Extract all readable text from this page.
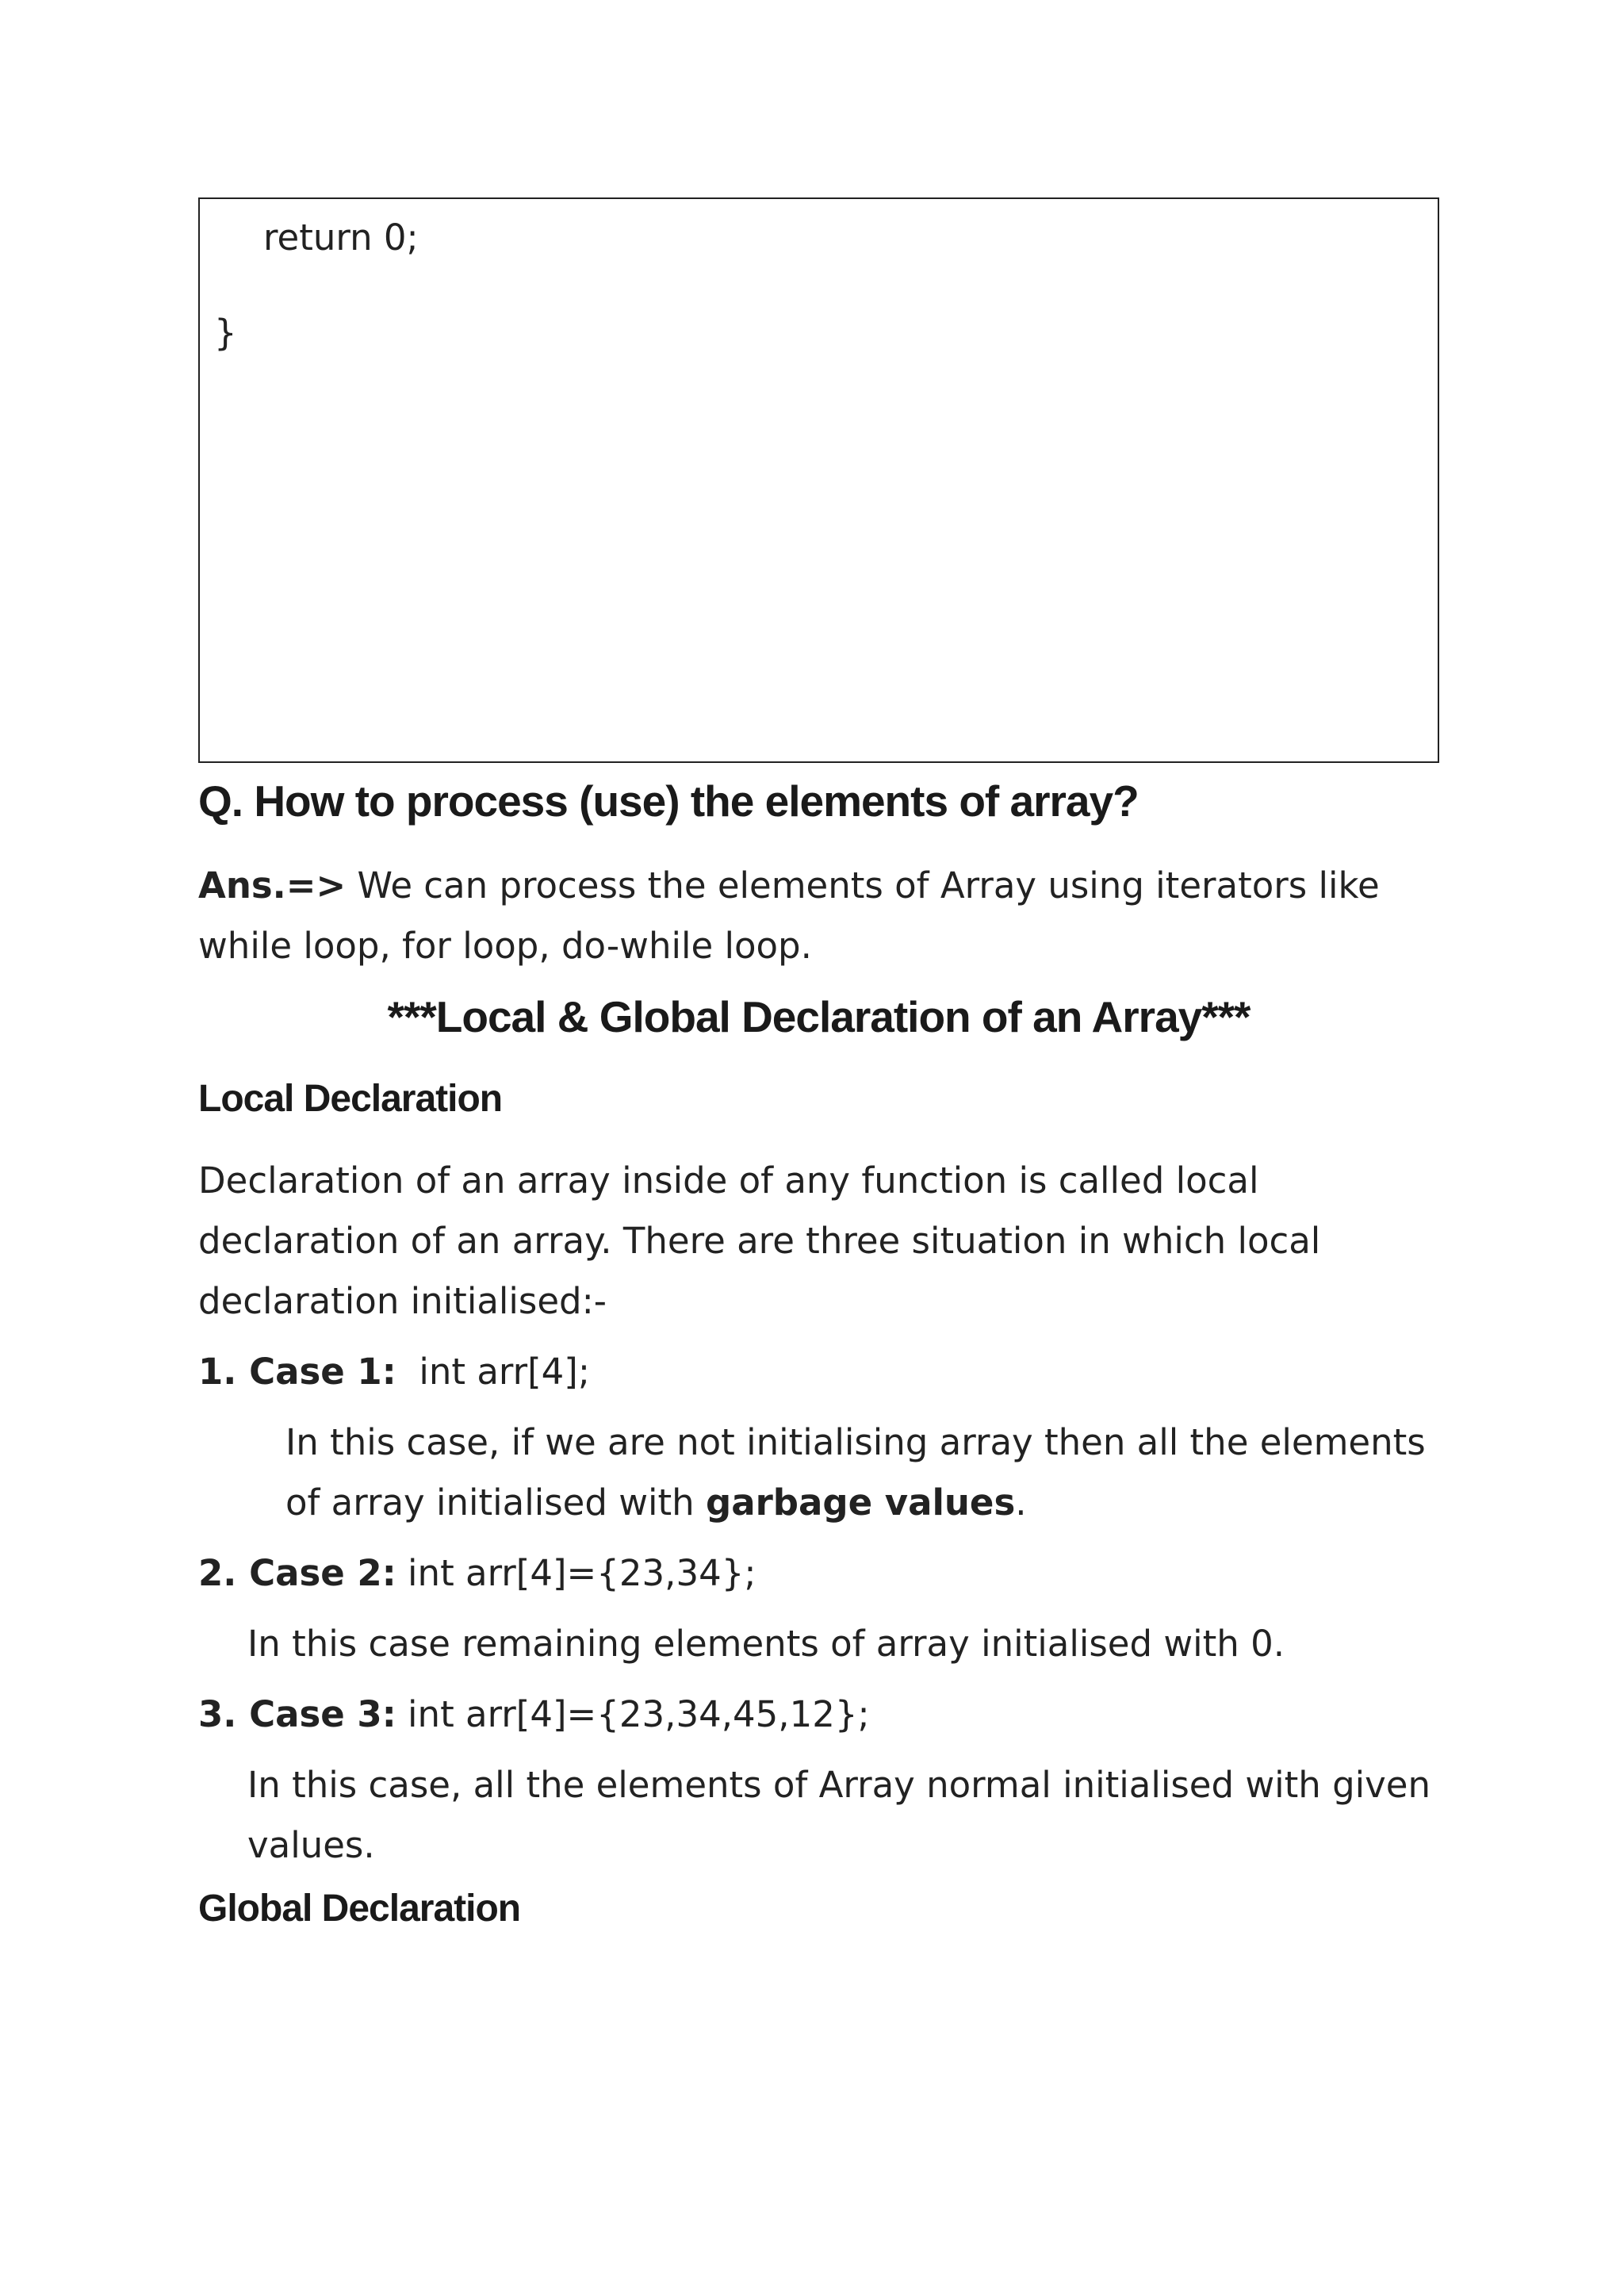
return 0;
}
Q. How to process (use) the elements of array?

Ans.=> We can process the elements of Array using iterators like while loop, for loop, do-while loop.

***Local & Global Declaration of an Array***
Local Declaration

Declaration of an array inside of any function is called local declaration of an array. There are three situation in which local declaration initialised:-

1. Case 1:  int arr[4];

In this case, if we are not initialising array then all the elements of array initialised with garbage values.

2. Case 2: int arr[4]={23,34};

In this case remaining elements of array initialised with 0.

3. Case 3: int arr[4]={23,34,45,12};

In this case, all the elements of Array normal initialised with given values.

Global Declaration
